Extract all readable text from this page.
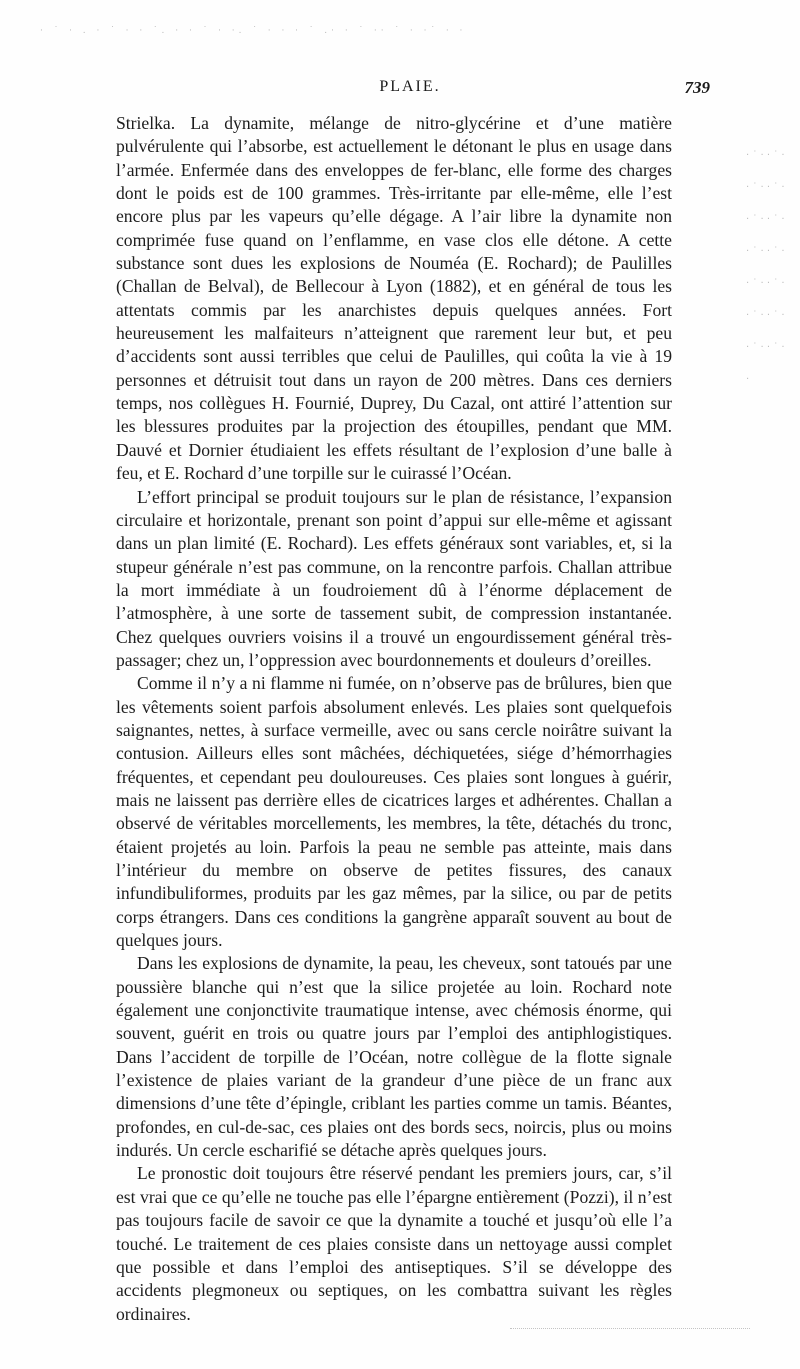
· ˙ · . ‧ ˙ · · ˙. · ‧ ˙ · ·. ˙ · ‧ · ˙ .· · ˙ ‧· ˙ · ·˙ ‧ ·
· ˙ ‧ · ˙ · ‧ ˙ · · ˙ ‧ · ˙ · ‧ ˙ · · ˙ ‧ · ˙ · ‧ ˙ · · ˙ ‧ · ˙ · ‧ ˙ · · ˙ ‧ · ˙ · ‧
PLAIE.	739

Strielka. La dynamite, mélange de nitro-glycérine et d’une matière pulvérulente qui l’absorbe, est actuellement le détonant le plus en usage dans l’armée. Enfermée dans des enveloppes de fer-blanc, elle forme des charges dont le poids est de 100 grammes. Très-irritante par elle-même, elle l’est encore plus par les vapeurs qu’elle dégage. A l’air libre la dynamite non comprimée fuse quand on l’enflamme, en vase clos elle détone. A cette substance sont dues les explosions de Nouméa (E. Rochard); de Paulilles (Challan de Belval), de Bellecour à Lyon (1882), et en général de tous les attentats commis par les anarchistes depuis quelques années. Fort heureusement les malfaiteurs n’atteignent que rarement leur but, et peu d’accidents sont aussi terribles que celui de Paulilles, qui coûta la vie à 19 personnes et détruisit tout dans un rayon de 200 mètres. Dans ces derniers temps, nos collègues H. Fournié, Duprey, Du Cazal, ont attiré l’attention sur les blessures produites par la projection des étoupilles, pendant que MM. Dauvé et Dornier étudiaient les effets résultant de l’explosion d’une balle à feu, et E. Rochard d’une torpille sur le cuirassé l’Océan.

L’effort principal se produit toujours sur le plan de résistance, l’expansion circulaire et horizontale, prenant son point d’appui sur elle-même et agissant dans un plan limité (E. Rochard). Les effets généraux sont variables, et, si la stupeur générale n’est pas commune, on la rencontre parfois. Challan attribue la mort immédiate à un foudroiement dû à l’énorme déplacement de l’atmosphère, à une sorte de tassement subit, de compression instantanée. Chez quelques ouvriers voisins il a trouvé un engourdissement général très-passager; chez un, l’oppression avec bourdonnements et douleurs d’oreilles.

Comme il n’y a ni flamme ni fumée, on n’observe pas de brûlures, bien que les vêtements soient parfois absolument enlevés. Les plaies sont quelquefois saignantes, nettes, à surface vermeille, avec ou sans cercle noirâtre suivant la contusion. Ailleurs elles sont mâchées, déchiquetées, siége d’hémorrhagies fréquentes, et cependant peu douloureuses. Ces plaies sont longues à guérir, mais ne laissent pas derrière elles de cicatrices larges et adhérentes. Challan a observé de véritables morcellements, les membres, la tête, détachés du tronc, étaient projetés au loin. Parfois la peau ne semble pas atteinte, mais dans l’intérieur du membre on observe de petites fissures, des canaux infundibuliformes, produits par les gaz mêmes, par la silice, ou par de petits corps étrangers. Dans ces conditions la gangrène apparaît souvent au bout de quelques jours.

Dans les explosions de dynamite, la peau, les cheveux, sont tatoués par une poussière blanche qui n’est que la silice projetée au loin. Rochard note également une conjonctivite traumatique intense, avec chémosis énorme, qui souvent, guérit en trois ou quatre jours par l’emploi des antiphlogistiques. Dans l’accident de torpille de l’Océan, notre collègue de la flotte signale l’existence de plaies variant de la grandeur d’une pièce de un franc aux dimensions d’une tête d’épingle, criblant les parties comme un tamis. Béantes, profondes, en cul-de-sac, ces plaies ont des bords secs, noircis, plus ou moins indurés. Un cercle escharifié se détache après quelques jours.

Le pronostic doit toujours être réservé pendant les premiers jours, car, s’il est vrai que ce qu’elle ne touche pas elle l’épargne entièrement (Pozzi), il n’est pas toujours facile de savoir ce que la dynamite a touché et jusqu’où elle l’a touché. Le traitement de ces plaies consiste dans un nettoyage aussi complet que possible et dans l’emploi des antiseptiques. S’il se développe des accidents plegmoneux ou septiques, on les combattra suivant les règles ordinaires.
